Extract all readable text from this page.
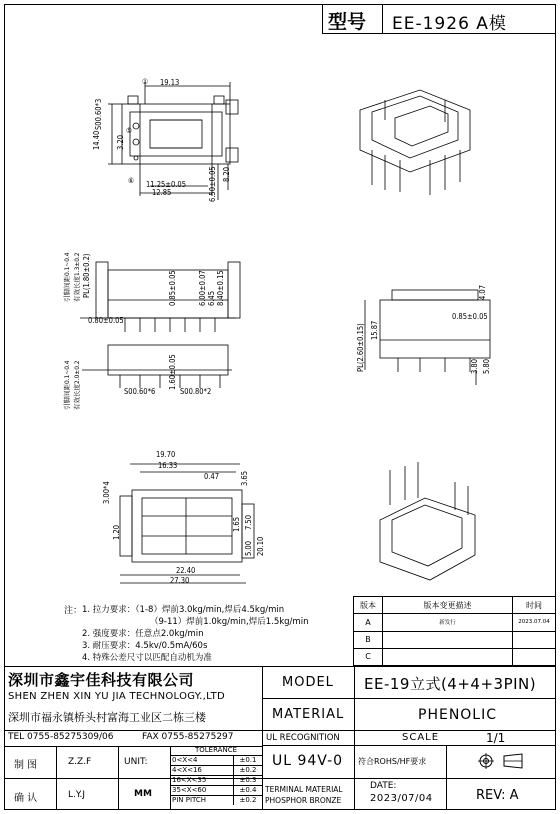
型号 EE-1926 A模
19.13
S00.60*3
14.40 3.20
11.25±0.05
12.85	6.50±0.05 8.20
①
⑤
⑥
引脚间距0.1~0.4 有效长度1.3±0.2 PL(1.80±0.2)	0.85±0.05
0.80±0.05
6.00±0.07 6.45 8.40±0.15
引脚间距0.1~0.4 有效长度2.0±0.2	1.60±0.05
S00.60*6	S00.80*2
PL(2.60±0.15) 15.87
0.85±0.05
4.07
3.80 5.80
19.70
16.33
0.47	3.65
3.00*4
1.20
1.65
5.00
7.50
20.10
22.40
27.30
注： 1. 拉力要求：（1-8）焊前3.0kg/min,焊后4.5kg/min
（9-11）焊前1.0kg/min,焊后1.5kg/min
2. 强度要求：任意点2.0kg/min
3. 耐压要求：4.5kv/0.5mA/60s
4. 特殊公差尺寸以匹配自动机为准
版本	版本变更描述	时间
A	新发行	2023.07.04
B		
C		
深圳市鑫宇佳科技有限公司
SHEN ZHEN XIN YU JIA TECHNOLOGY.,LTD
深圳市福永镇桥头村富海工业区二栋三楼
TEL 0755-85275309/06	FAX 0755-85275297
MODEL EE-19立式(4+4+3PIN)
MATERIAL	PHENOLIC
UL RECOGNITION	SCALE	1/1
UL 94V-0 符合ROHS/HF要求
TERMINAL MATERIAL
PHOSPHOR BRONZE
DATE:
2023/07/04	REV: A
制 图	Z.Z.F
确 认	L.Y.J
UNIT:
MM
TOLERANCE	
0<X<4	±0.1
4<X<16	±0.2
16<X<35	±0.3
35<X<60	±0.4
PIN PITCH	±0.2
